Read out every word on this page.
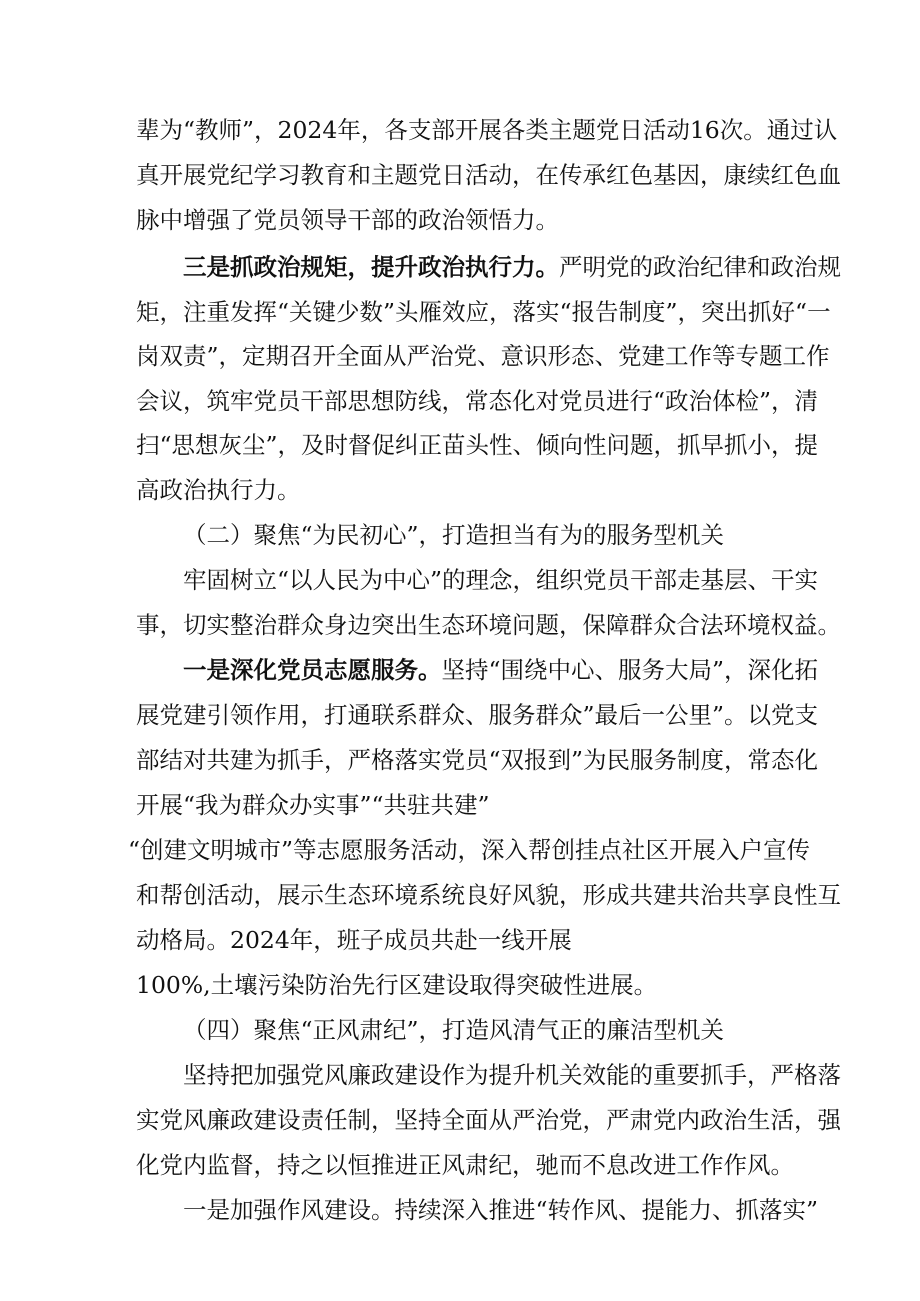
辈为“教师”，2024年，各支部开展各类主题党日活动16次。通过认
真开展党纪学习教育和主题党日活动，在传承红色基因，康续红色血
脉中增强了党员领导干部的政治领悟力。
三是抓政治规矩，提升政治执行力。严明党的政治纪律和政治规
矩，注重发挥“关键少数”头雁效应，落实“报告制度”，突出抓好“一
岗双责”，定期召开全面从严治党、意识形态、党建工作等专题工作
会议，筑牢党员干部思想防线，常态化对党员进行“政治体检”，清
扫“思想灰尘”，及时督促纠正苗头性、倾向性问题，抓早抓小，提
高政治执行力。
（二）聚焦“为民初心”，打造担当有为的服务型机关
牢固树立“以人民为中心”的理念，组织党员干部走基层、干实
事，切实整治群众身边突出生态环境问题，保障群众合法环境权益。
一是深化党员志愿服务。坚持“围绕中心、服务大局”，深化拓
展党建引领作用，打通联系群众、服务群众”最后一公里”。以党支
部结对共建为抓手，严格落实党员“双报到”为民服务制度，常态化
开展“我为群众办实事”“共驻共建”
“创建文明城市”等志愿服务活动，深入帮创挂点社区开展入户宣传
和帮创活动，展示生态环境系统良好风貌，形成共建共治共享良性互
动格局。2024年，班子成员共赴一线开展
100%,土壤污染防治先行区建设取得突破性进展。
（四）聚焦“正风肃纪”，打造风清气正的廉洁型机关
坚持把加强党风廉政建设作为提升机关效能的重要抓手，严格落
实党风廉政建设责任制，坚持全面从严治党，严肃党内政治生活，强
化党内监督，持之以恒推进正风肃纪，驰而不息改进工作作风。
一是加强作风建设。持续深入推进“转作风、提能力、抓落实”
